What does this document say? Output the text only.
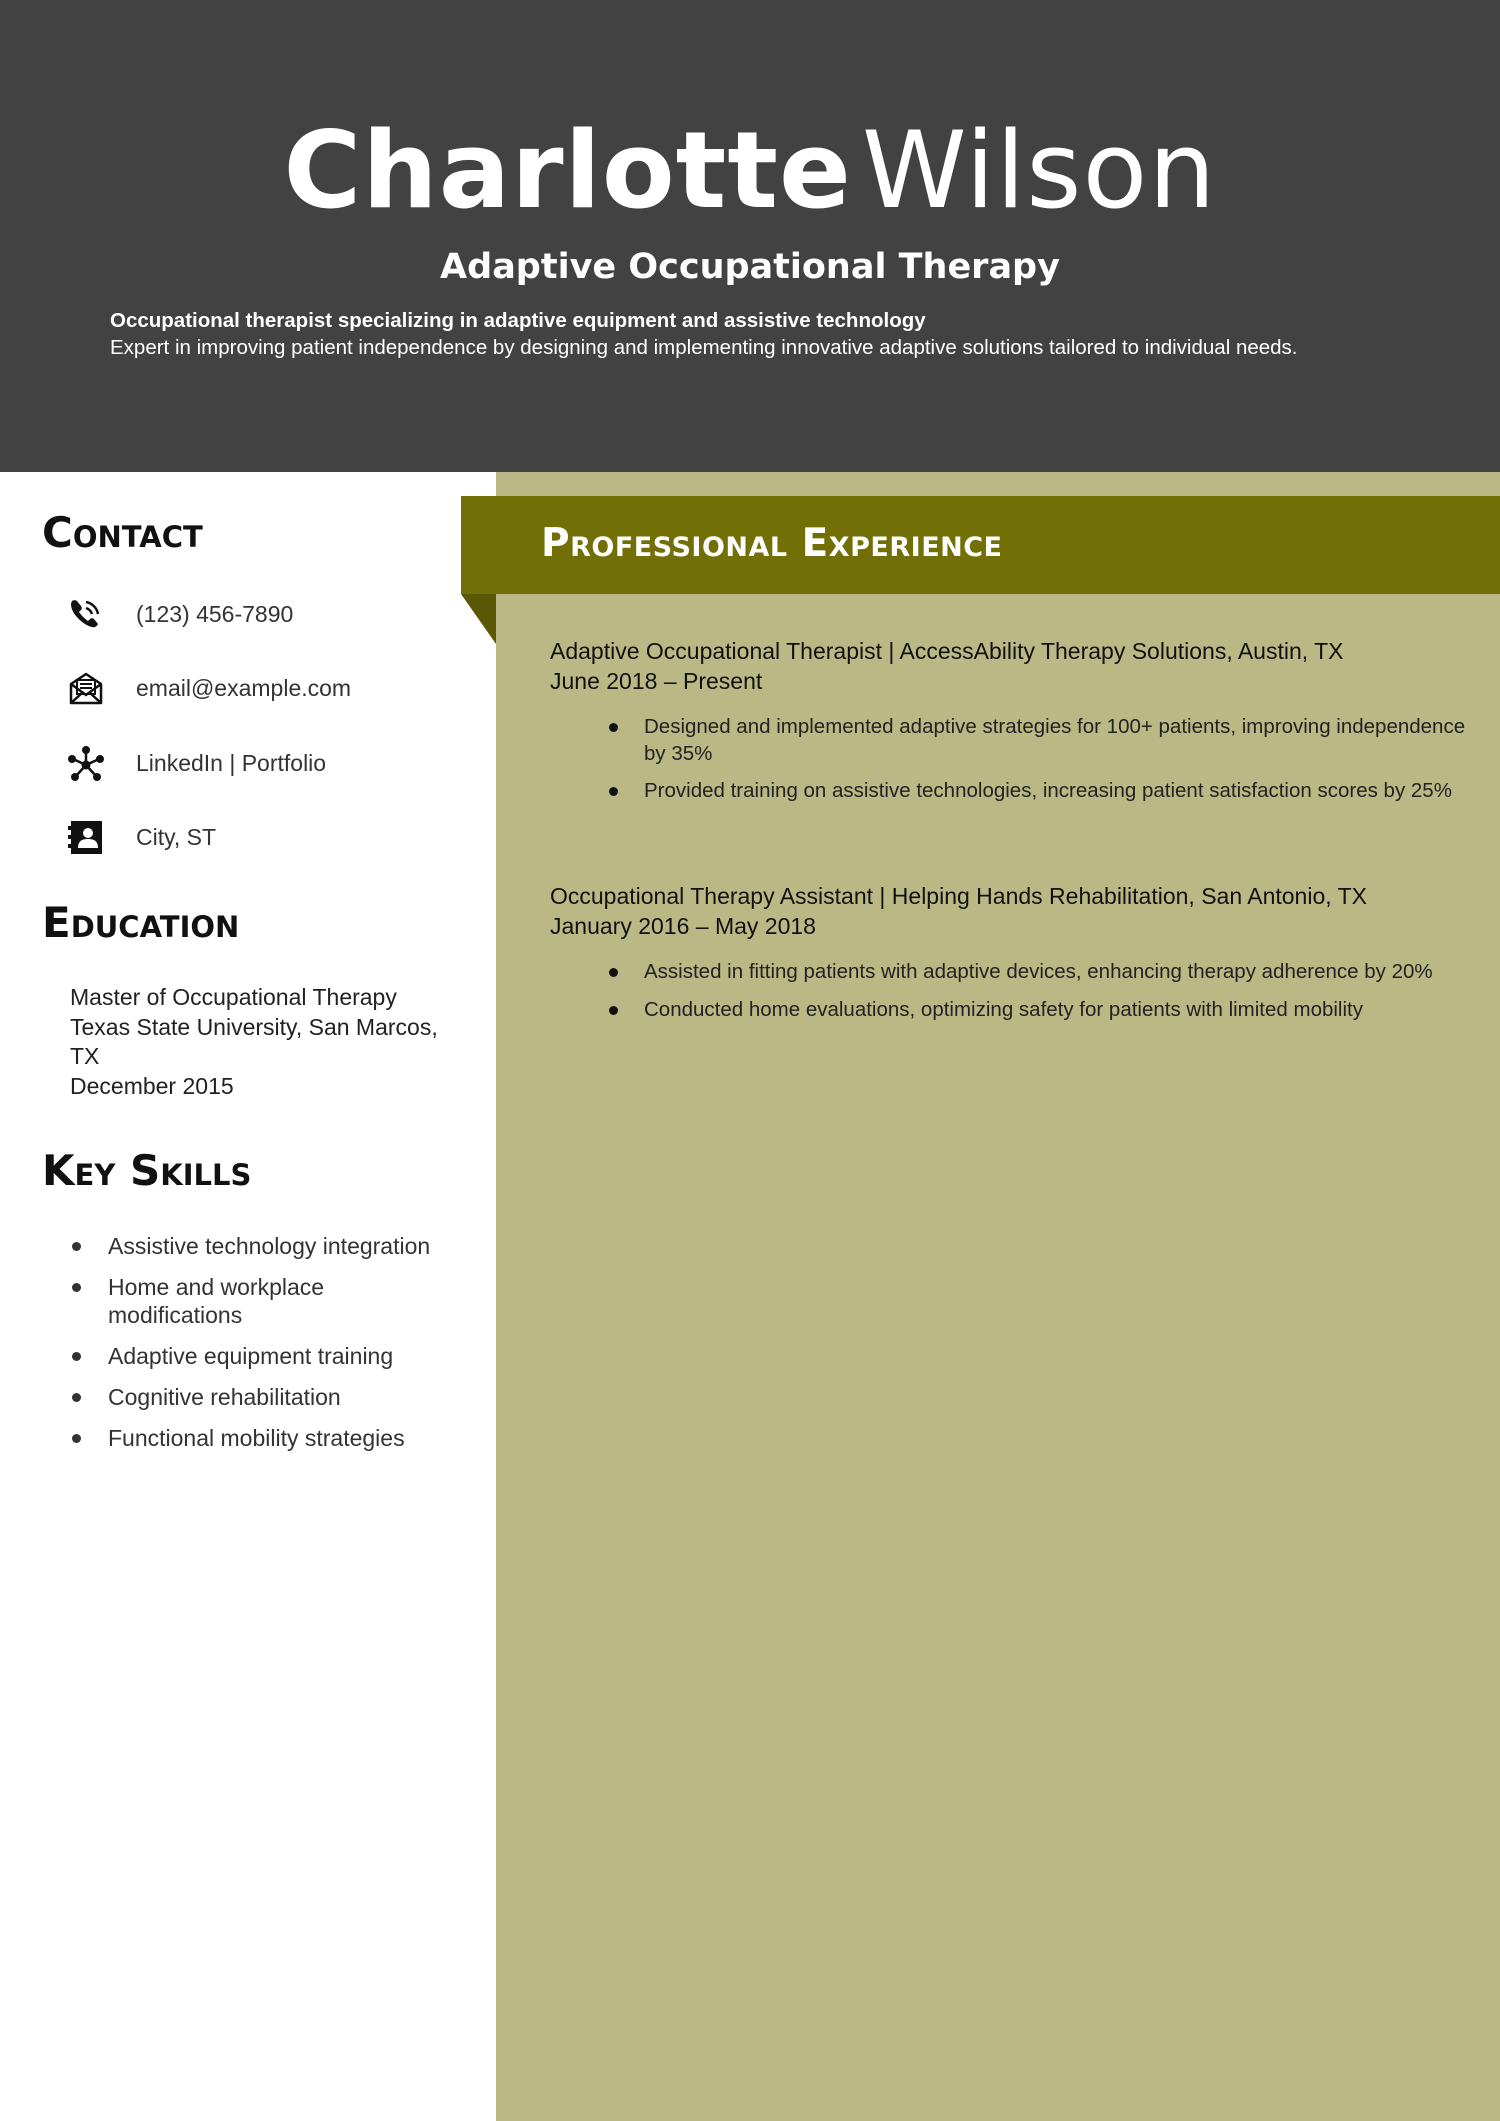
CharlotteWilson
Adaptive Occupational Therapy
Occupational therapist specializing in adaptive equipment and assistive technology
Expert in improving patient independence by designing and implementing innovative adaptive solutions tailored to individual needs.
Professional Experience
Adaptive Occupational Therapist | AccessAbility Therapy Solutions, Austin, TX
June 2018 – Present
Designed and implemented adaptive strategies for 100+ patients, improving independence by 35%
Provided training on assistive technologies, increasing patient satisfaction scores by 25%
Occupational Therapy Assistant | Helping Hands Rehabilitation, San Antonio, TX
January 2016 – May 2018
Assisted in fitting patients with adaptive devices, enhancing therapy adherence by 20%
Conducted home evaluations, optimizing safety for patients with limited mobility
Contact
(123) 456-7890
email@example.com
LinkedIn | Portfolio
City, ST
Education
Master of Occupational Therapy
Texas State University, San Marcos,
TX
December 2015
Key Skills
Assistive technology integration
Home and workplace modifications
Adaptive equipment training
Cognitive rehabilitation
Functional mobility strategies
